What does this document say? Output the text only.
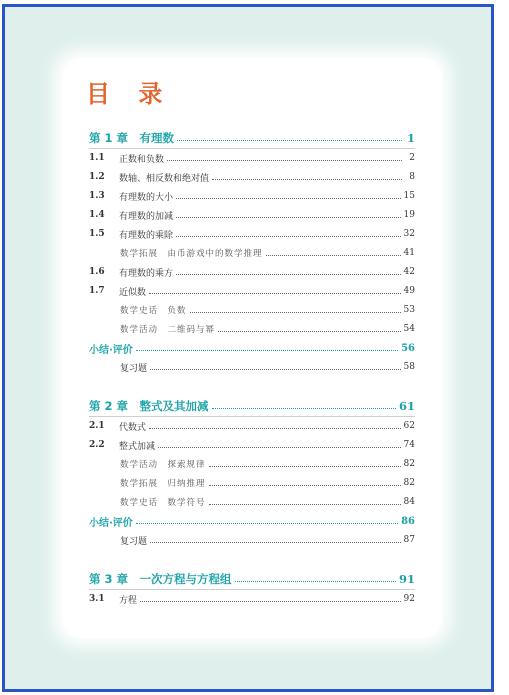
目 录
第 1 章　有理数	1
1.1	正数和负数	2
1.2	数轴、相反数和绝对值	8
1.3	有理数的大小	15
1.4	有理数的加减	19
1.5	有理数的乘除	32
数学拓展　由币游戏中的数学推理	41
1.6	有理数的乘方	42
1.7	近似数	49
数学史话　负数	53
数学活动　二维码与幂	54
小结·评价	56
复习题	58
第 2 章　整式及其加减	61
2.1	代数式	62
2.2	整式加减	74
数学活动　探索规律	82
数学拓展　归纳推理	82
数学史话　数学符号	84
小结·评价	86
复习题	87
第 3 章　一次方程与方程组	91
3.1	方程	92
